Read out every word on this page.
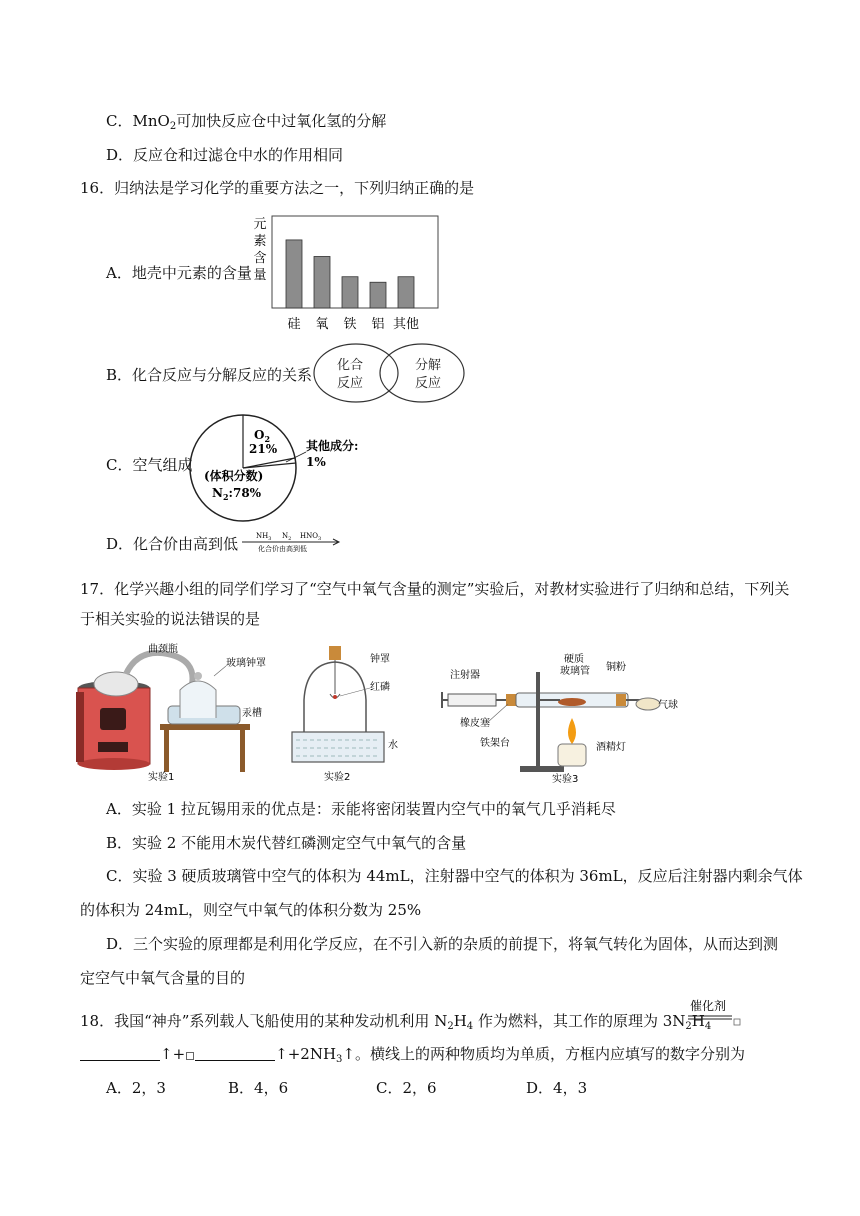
C．MnO$_2$可加快反应仓中过氧化氢的分解
D．反应仓和过滤仓中水的作用相同
16．归纳法是学习化学的重要方法之一，下列归纳正确的是
A．地壳中元素的含量
元
素
含
量
硅 氧 铁 铝 其他
B．化合反应与分解反应的关系
化合
反应
分解
反应
C．空气组成
$O_2$
21%
(体积分数)
$N_2:78\%$
其他成分:
1%
D．化合价由高到低	$NH_3$ $N_2$ $HNO_3$
化合价由高到低
17．化学兴趣小组的同学们学习了“空气中氧气含量的测定”实验后，对教材实验进行了归纳和总结，下列关
于相关实验的说法错误的是
曲颈瓶
玻璃钟罩
汞槽
实验1
钟罩
红磷
水
实验2
注射器
硬质
玻璃管 铜粉
气球
橡皮塞
铁架台	酒精灯
实验3
A．实验 1 拉瓦锡用汞的优点是：汞能将密闭装置内空气中的氧气几乎消耗尽
B．实验 2 不能用木炭代替红磷测定空气中氧气的含量
C．实验 3 硬质玻璃管中空气的体积为 44mL，注射器中空气的体积为 36mL，反应后注射器内剩余气体
的体积为 24mL，则空气中氧气的体积分数为 25%
D．三个实验的原理都是利用化学反应，在不引入新的杂质的前提下，将氧气转化为固体，从而达到测
定空气中氧气含量的目的
18．我国“神舟”系列载人飞船使用的某种发动机利用 $N_2H_4$ 作为燃料，其工作的原理为 $3N_2H_4$
催化剂
↑+	$↑+2NH_3↑$。横线上的两种物质均为单质，方框内应填写的数字分别为
A．2，3	B．4，6	C．2，6	D．4，3
